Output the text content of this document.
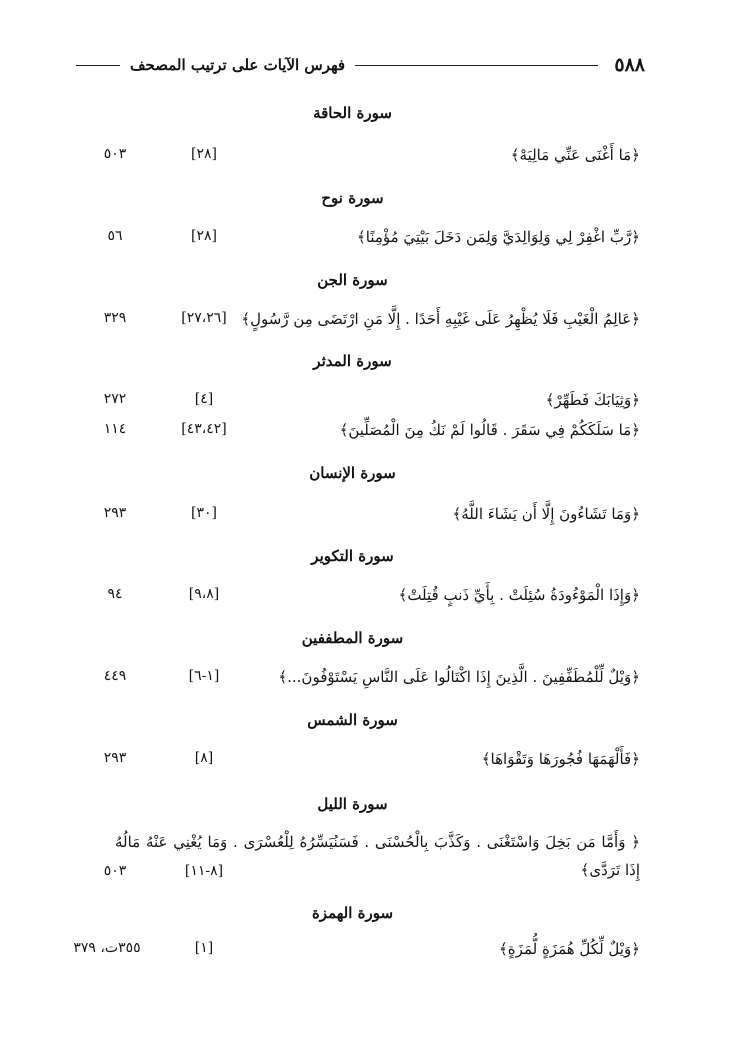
٥٨٨
فهرس الآيات على ترتيب المصحف
سورة الحاقة
﴿مَا أَغْنَى عَنِّي مَالِيَهْ﴾
[٢٨]
٥٠٣
سورة نوح
﴿رَّبِّ اغْفِرْ لِي وَلِوَالِدَيَّ وَلِمَن دَخَلَ بَيْتِيَ مُؤْمِنًا﴾
[٢٨]
٥٦
سورة الجن
﴿عَالِمُ الْغَيْبِ فَلَا يُظْهِرُ عَلَى غَيْبِهِ أَحَدًا . إِلَّا مَنِ ارْتَضَى مِن رَّسُولٍ﴾
[٢٧،٢٦]
٣٢٩
سورة المدثر
﴿وَثِيَابَكَ فَطَهِّرْ﴾
[٤]
٢٧٢
﴿مَا سَلَكَكُمْ فِي سَقَرَ . قَالُوا لَمْ نَكُ مِنَ الْمُصَلِّينَ﴾
[٤٣،٤٢]
١١٤
سورة الإنسان
﴿وَمَا تَشَاءُونَ إِلَّا أَن يَشَاءَ اللَّهُ﴾
[٣٠]
٢٩٣
سورة التكوير
﴿وَإِذَا الْمَوْءُودَةُ سُئِلَتْ . بِأَيِّ ذَنبٍ قُتِلَتْ﴾
[٩،٨]
٩٤
سورة المطففين
﴿وَيْلٌ لِّلْمُطَفِّفِينَ . الَّذِينَ إِذَا اكْتَالُوا عَلَى النَّاسِ يَسْتَوْفُونَ...﴾
[١-٦]
٤٤٩
سورة الشمس
﴿فَأَلْهَمَهَا فُجُورَهَا وَتَقْوَاهَا﴾
[٨]
٢٩٣
سورة الليل
﴿ وَأَمَّا مَن بَخِلَ وَاسْتَغْنَى . وَكَذَّبَ بِالْحُسْنَى . فَسَنُيَسِّرُهُ لِلْعُسْرَى . وَمَا يُغْنِي عَنْهُ مَالُهُ إِذَا تَرَدَّى﴾
[٨-١١]
٥٠٣
سورة الهمزة
﴿وَيْلٌ لِّكُلِّ هُمَزَةٍ لُّمَزَةٍ﴾
[١]
٣٥٥ت، ٣٧٩
